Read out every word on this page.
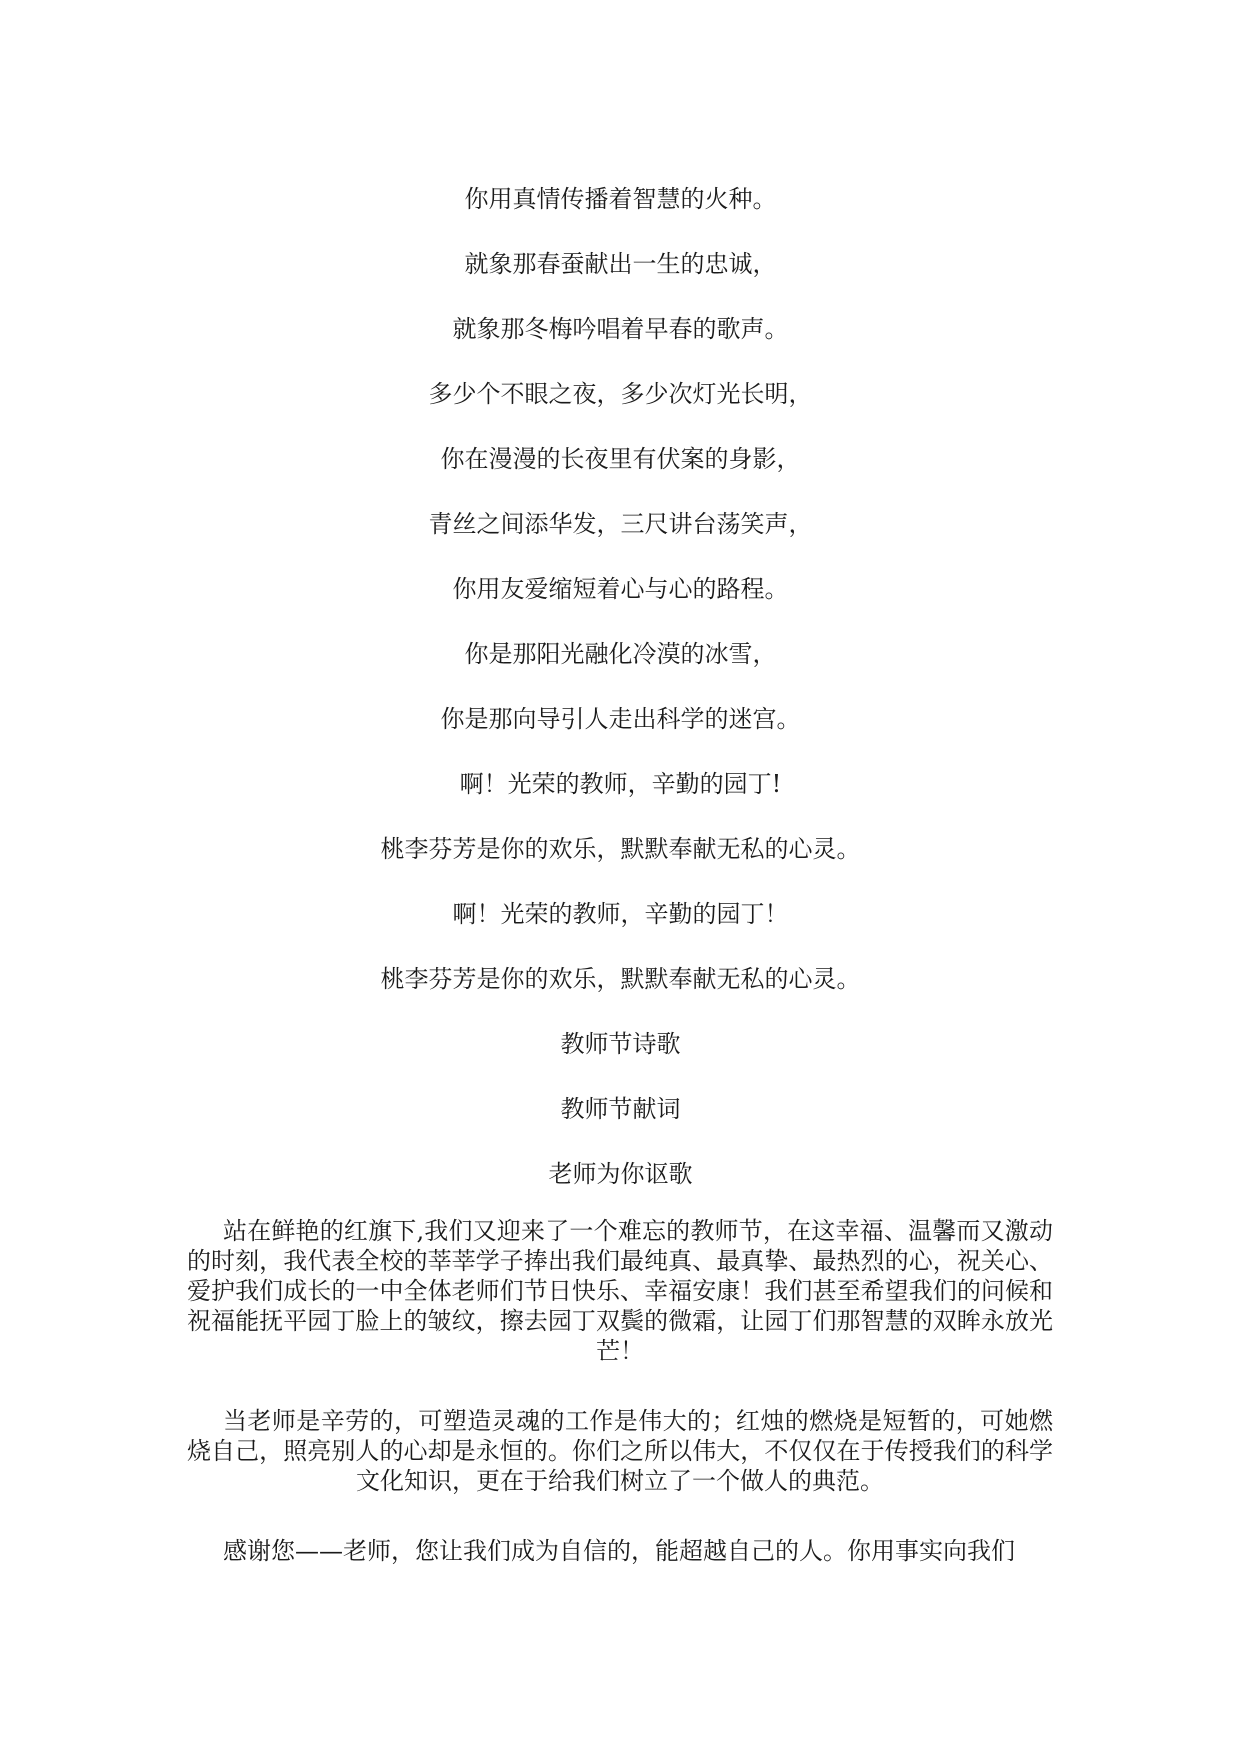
你用真情传播着智慧的火种。
就象那春蚕献出一生的忠诚，
就象那冬梅吟唱着早春的歌声。
多少个不眼之夜，多少次灯光长明，
你在漫漫的长夜里有伏案的身影，
青丝之间添华发，三尺讲台荡笑声，
你用友爱缩短着心与心的路程。
你是那阳光融化冷漠的冰雪，
你是那向导引人走出科学的迷宫。
啊！光荣的教师，辛勤的园丁!
桃李芬芳是你的欢乐，默默奉献无私的心灵。
啊！光荣的教师，辛勤的园丁！
桃李芬芳是你的欢乐，默默奉献无私的心灵。
教师节诗歌
教师节献词
老师为你讴歌
站在鲜艳的红旗下,我们又迎来了一个难忘的教师节，在这幸福、温馨而又激动的时刻，我代表全校的莘莘学子捧出我们最纯真、最真挚、最热烈的心，祝关心、爱护我们成长的一中全体老师们节日快乐、幸福安康！我们甚至希望我们的问候和祝福能抚平园丁脸上的皱纹，擦去园丁双鬓的微霜，让园丁们那智慧的双眸永放光芒！
当老师是辛劳的，可塑造灵魂的工作是伟大的；红烛的燃烧是短暂的，可她燃烧自己，照亮别人的心却是永恒的。你们之所以伟大，不仅仅在于传授我们的科学文化知识，更在于给我们树立了一个做人的典范。
感谢您——老师，您让我们成为自信的，能超越自己的人。你用事实向我们
